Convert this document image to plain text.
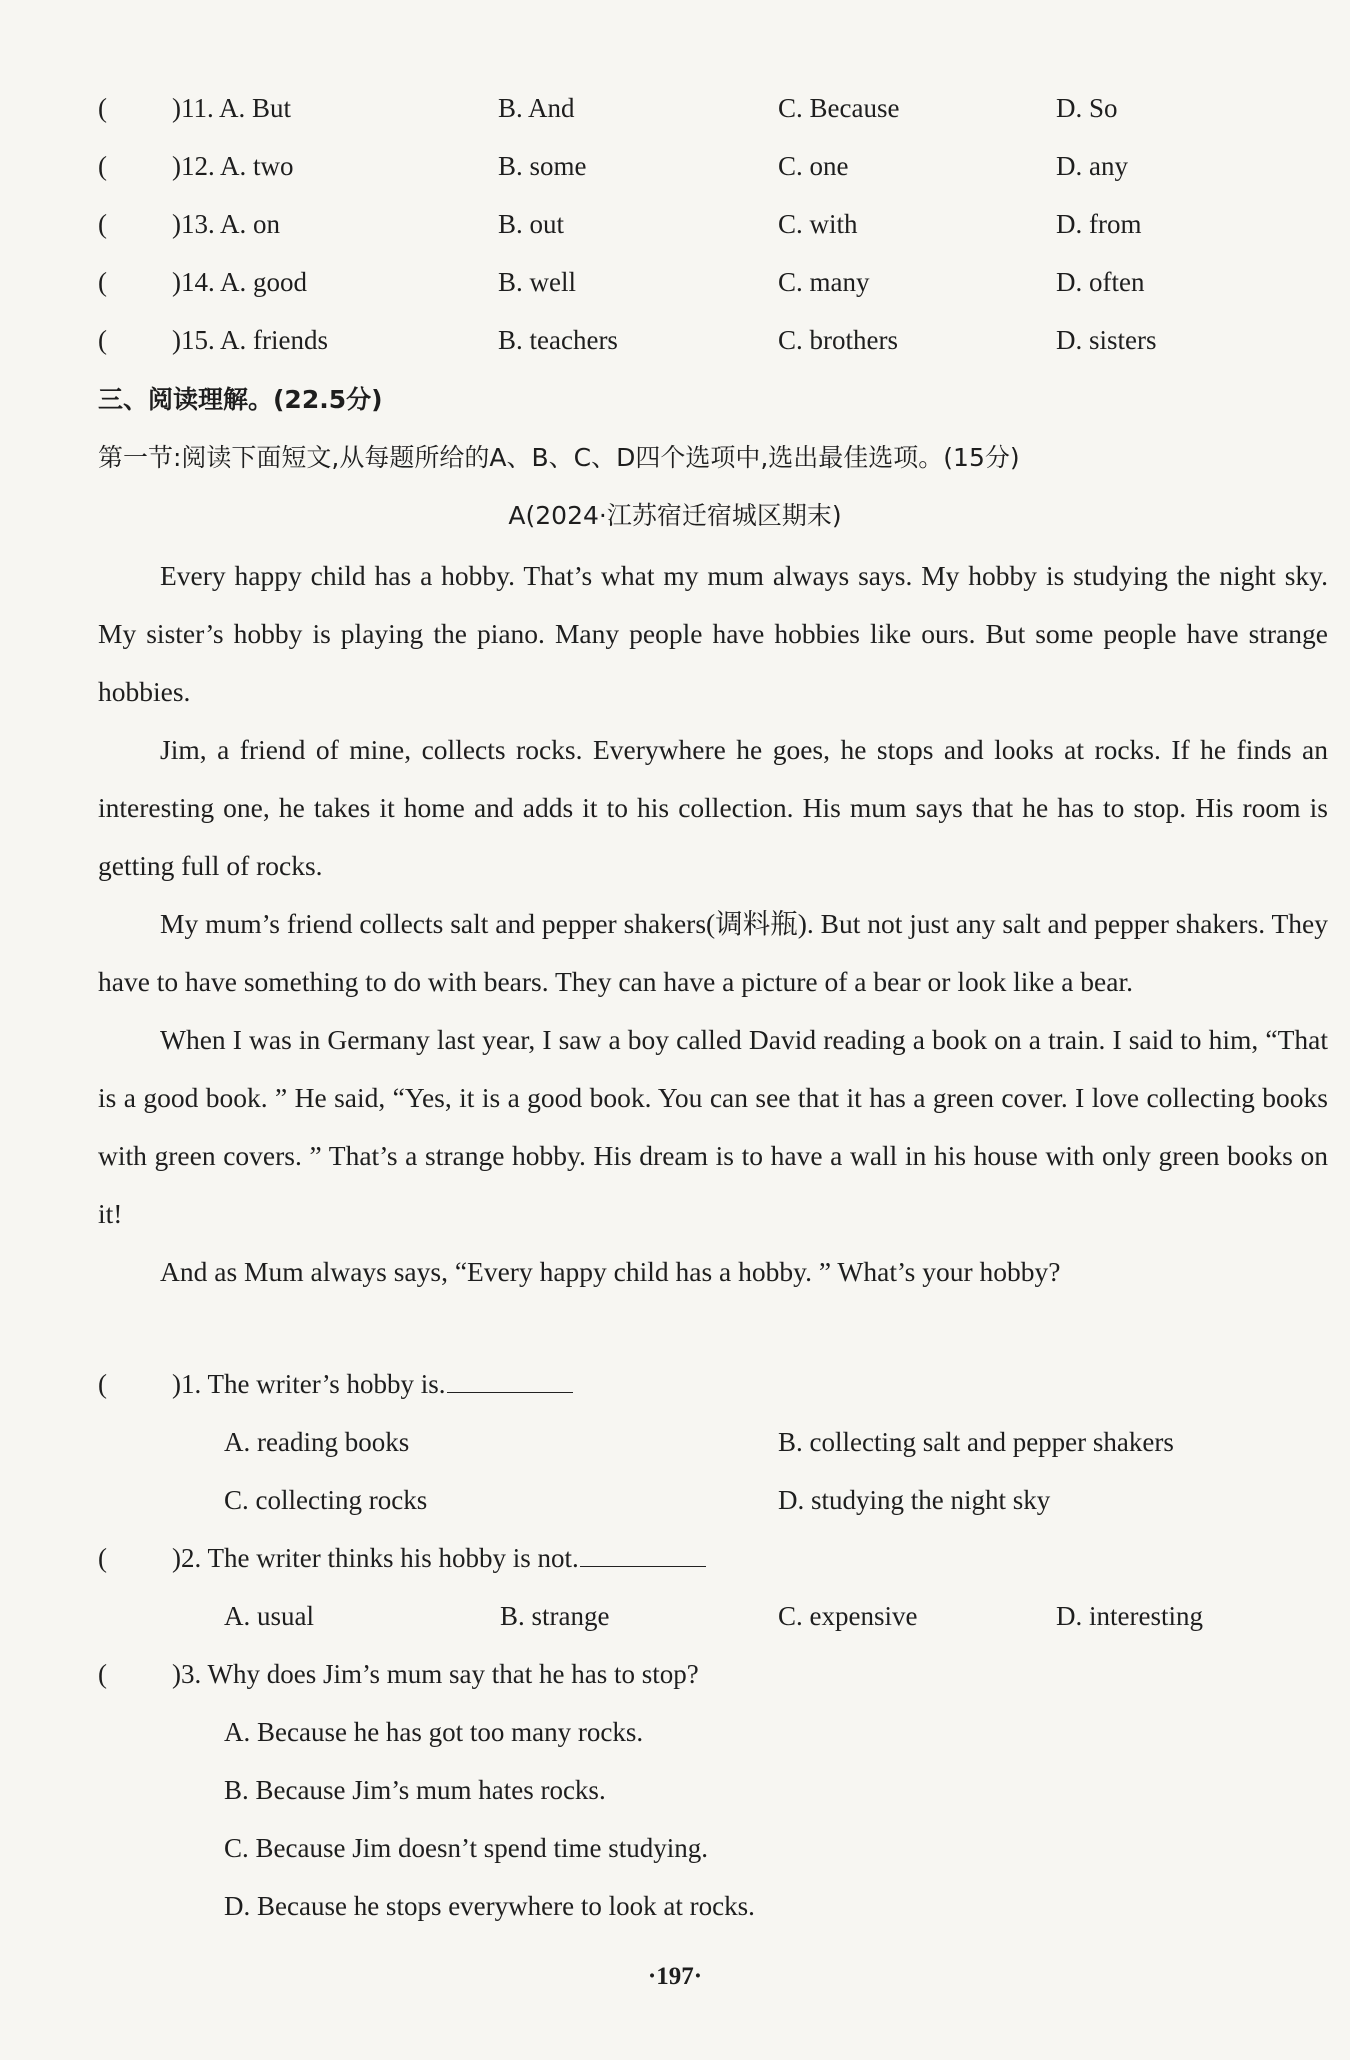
( )11. A. But	B. And	C. Because	D. So
( )12. A. two	B. some	C. one	D. any
( )13. A. on	B. out	C. with	D. from
( )14. A. good	B. well	C. many	D. often
( )15. A. friends	B. teachers	C. brothers	D. sisters
三、阅读理解。(22.5分)
第一节:阅读下面短文,从每题所给的A、B、C、D四个选项中,选出最佳选项。(15分)
A(2024·江苏宿迁宿城区期末)

Every happy child has a hobby. That’s what my mum always says. My hobby is studying the night sky. My sister’s hobby is playing the piano. Many people have hobbies like ours. But some people have strange hobbies.

Jim, a friend of mine, collects rocks. Everywhere he goes, he stops and looks at rocks. If he finds an interesting one, he takes it home and adds it to his collection. His mum says that he has to stop. His room is getting full of rocks.

My mum’s friend collects salt and pepper shakers(调料瓶). But not just any salt and pepper shakers. They have to have something to do with bears. They can have a picture of a bear or look like a bear.

When I was in Germany last year, I saw a boy called David reading a book on a train. I said to him, “That is a good book. ” He said, “Yes, it is a good book. You can see that it has a green cover. I love collecting books with green covers. ” That’s a strange hobby. His dream is to have a wall in his house with only green books on it!

And as Mum always says, “Every happy child has a hobby. ” What’s your hobby?

( )1. The writer’s hobby is
.
A. reading books	B. collecting salt and pepper shakers
C. collecting rocks	D. studying the night sky
( )2. The writer thinks his hobby is not
.
A. usual	B. strange	C. expensive	D. interesting
( )3. Why does Jim’s mum say that he has to stop?
A. Because he has got too many rocks.
B. Because Jim’s mum hates rocks.
C. Because Jim doesn’t spend time studying.
D. Because he stops everywhere to look at rocks.
·197·
